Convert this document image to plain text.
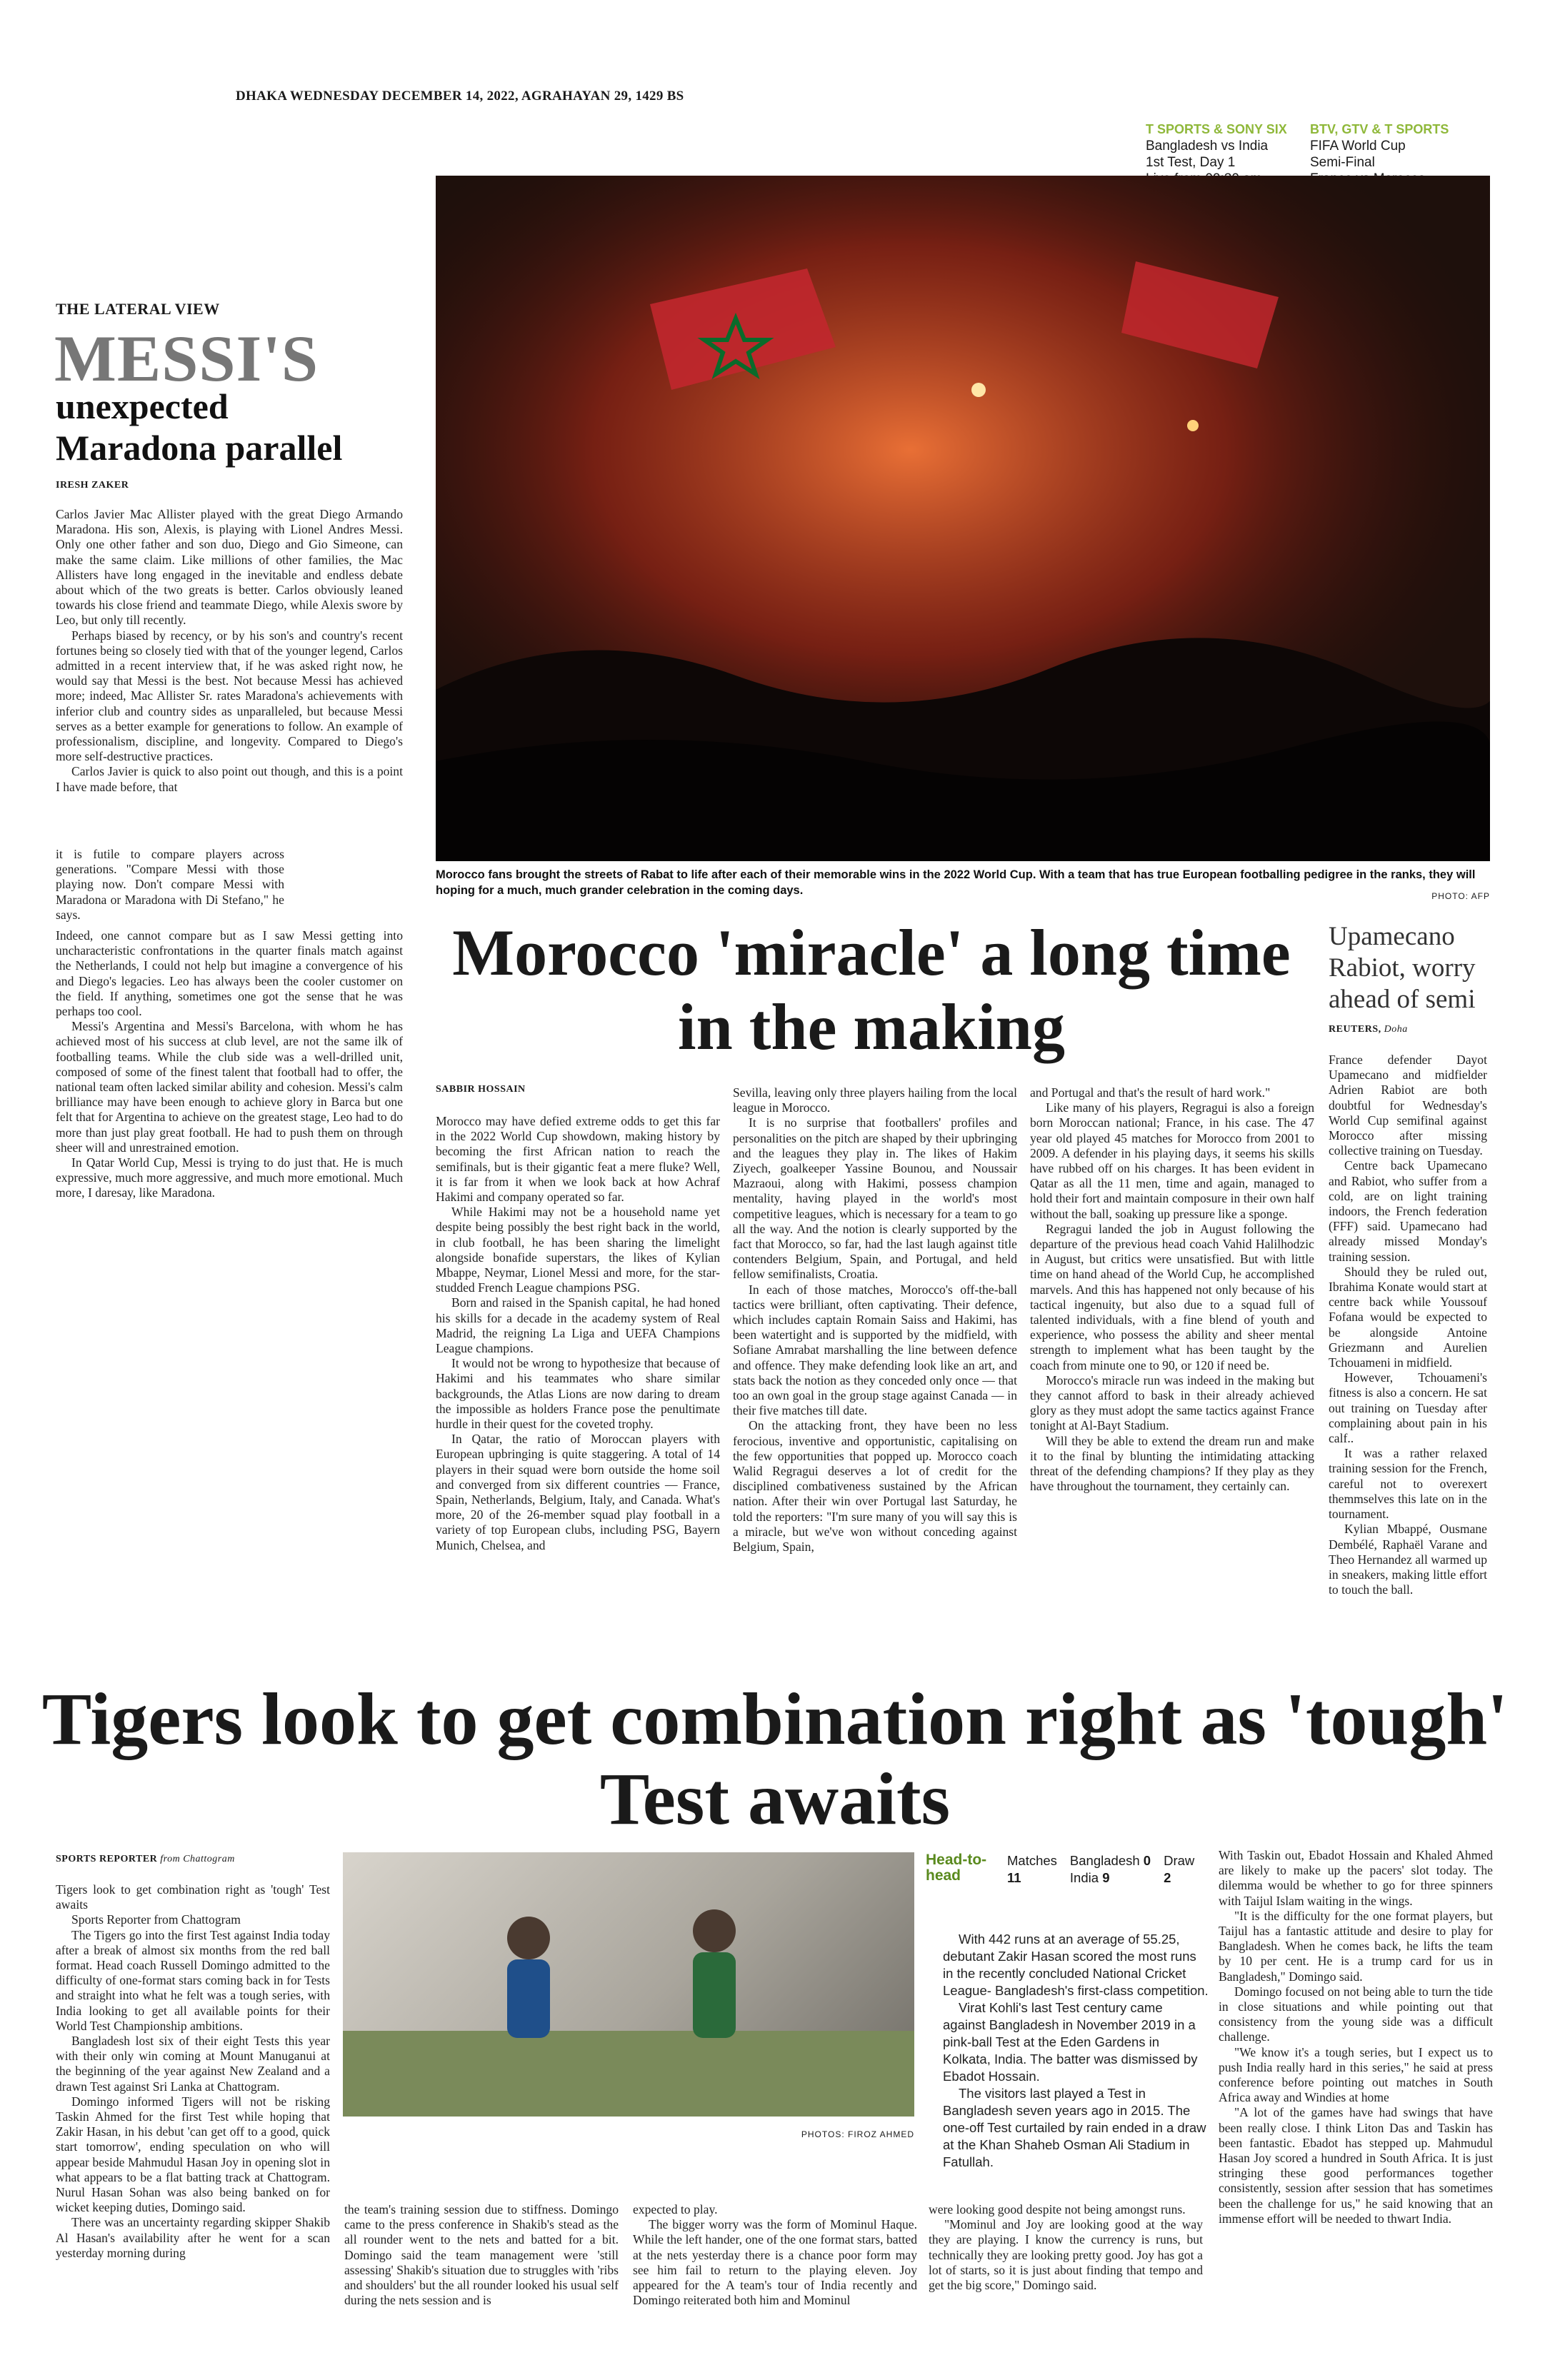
DHAKA WEDNESDAY DECEMBER 14, 2022, AGRAHAYAN 29, 1429 BS
T SPORTS & SONY SIX
Bangladesh vs India
1st Test, Day 1
BTV, GTV & T SPORTS
FIFA World Cup
Semi-Final
THE LATERAL VIEW
MESSI'S
unexpected
Maradona parallel
IRESH ZAKER

Carlos Javier Mac Allister played with the great Diego Armando Maradona. His son, Alexis, is playing with Lionel Andres Messi. Only one other father and son duo, Diego and Gio Simeone, can make the same claim. Like millions of other families, the Mac Allisters have long engaged in the inevitable and endless debate about which of the two greats is better. Carlos obviously leaned towards his close friend and teammate Diego, while Alexis swore by Leo, but only till recently.

Perhaps biased by recency, or by his son's and country's recent fortunes being so closely tied with that of the younger legend, Carlos admitted in a recent interview that, if he was asked right now, he would say that Messi is the best. Not because Messi has achieved more; indeed, Mac Allister Sr. rates Maradona's achievements with inferior club and country sides as unparalleled, but because Messi serves as a better example for generations to follow. An example of professionalism, discipline, and longevity. Compared to Diego's more self-destructive practices.

Carlos Javier is quick to also point out though, and this is a point I have made before, that

it is futile to compare players across generations. "Compare Messi with those playing now. Don't compare Messi with Maradona or Maradona with Di Stefano," he says.

Indeed, one cannot compare but as I saw Messi getting into uncharacteristic confrontations in the quarter finals match against the Netherlands, I could not help but imagine a convergence of his and Diego's legacies. Leo has always been the cooler customer on the field. If anything, sometimes one got the sense that he was perhaps too cool.

Messi's Argentina and Messi's Barcelona, with whom he has achieved most of his success at club level, are not the same ilk of footballing teams. While the club side was a well-drilled unit, composed of some of the finest talent that football had to offer, the national team often lacked similar ability and cohesion. Messi's calm brilliance may have been enough to achieve glory in Barca but one felt that for Argentina to achieve on the greatest stage, Leo had to do more than just play great football. He had to push them on through sheer will and unrestrained emotion.

In Qatar World Cup, Messi is trying to do just that. He is much expressive, much more aggressive, and much more emotional. Much more, I daresay, like Maradona.

Morocco fans brought the streets of Rabat to life after each of their memorable wins in the 2022 World Cup. With a team that has true European footballing pedigree in the ranks, they will hoping for a much, much grander celebration in the coming days.	PHOTO: AFP
Morocco 'miracle' a long time in the making
SABBIR HOSSAIN

Morocco may have defied extreme odds to get this far in the 2022 World Cup showdown, making history by becoming the first African nation to reach the semifinals, but is their gigantic feat a mere fluke? Well, it is far from it when we look back at how Achraf Hakimi and company operated so far.

While Hakimi may not be a household name yet despite being possibly the best right back in the world, in club football, he has been sharing the limelight alongside bonafide superstars, the likes of Kylian Mbappe, Neymar, Lionel Messi and more, for the star-studded French League champions PSG.

Born and raised in the Spanish capital, he had honed his skills for a decade in the academy system of Real Madrid, the reigning La Liga and UEFA Champions League champions.

It would not be wrong to hypothesize that because of Hakimi and his teammates who share similar backgrounds, the Atlas Lions are now daring to dream the impossible as holders France pose the penultimate hurdle in their quest for the coveted trophy.

In Qatar, the ratio of Moroccan players with European upbringing is quite staggering. A total of 14 players in their squad were born outside the home soil and converged from six different countries — France, Spain, Netherlands, Belgium, Italy, and Canada. What's more, 20 of the 26-member squad play football in a variety of top European clubs, including PSG, Bayern Munich, Chelsea, and

Sevilla, leaving only three players hailing from the local league in Morocco.

It is no surprise that footballers' profiles and personalities on the pitch are shaped by their upbringing and the leagues they play in. The likes of Hakim Ziyech, goalkeeper Yassine Bounou, and Noussair Mazraoui, along with Hakimi, possess champion mentality, having played in the world's most competitive leagues, which is necessary for a team to go all the way. And the notion is clearly supported by the fact that Morocco, so far, had the last laugh against title contenders Belgium, Spain, and Portugal, and held fellow semifinalists, Croatia.

In each of those matches, Morocco's off-the-ball tactics were brilliant, often captivating. Their defence, which includes captain Romain Saiss and Hakimi, has been watertight and is supported by the midfield, with Sofiane Amrabat marshalling the line between defence and offence. They make defending look like an art, and stats back the notion as they conceded only once — that too an own goal in the group stage against Canada — in their five matches till date.

On the attacking front, they have been no less ferocious, inventive and opportunistic, capitalising on the few opportunities that popped up. Morocco coach Walid Regragui deserves a lot of credit for the disciplined combativeness sustained by the African nation. After their win over Portugal last Saturday, he told the reporters: "I'm sure many of you will say this is a miracle, but we've won without conceding against Belgium, Spain,

and Portugal and that's the result of hard work."

Like many of his players, Regragui is also a foreign born Moroccan national; France, in his case. The 47 year old played 45 matches for Morocco from 2001 to 2009. A defender in his playing days, it seems his skills have rubbed off on his charges. It has been evident in Qatar as all the 11 men, time and again, managed to hold their fort and maintain composure in their own half without the ball, soaking up pressure like a sponge.

Regragui landed the job in August following the departure of the previous head coach Vahid Halilhodzic in August, but critics were unsatisfied. But with little time on hand ahead of the World Cup, he accomplished marvels. And this has happened not only because of his tactical ingenuity, but also due to a squad full of talented individuals, with a fine blend of youth and experience, who possess the ability and sheer mental strength to implement what has been taught by the coach from minute one to 90, or 120 if need be.

Morocco's miracle run was indeed in the making but they cannot afford to bask in their already achieved glory as they must adopt the same tactics against France tonight at Al-Bayt Stadium.

Will they be able to extend the dream run and make it to the final by blunting the intimidating attacking threat of the defending champions? If they play as they have throughout the tournament, they certainly can.

Upamecano Rabiot, worry ahead of semi
REUTERS, Doha

France defender Dayot Upamecano and midfielder Adrien Rabiot are both doubtful for Wednesday's World Cup semifinal against Morocco after missing collective training on Tuesday.

Centre back Upamecano and Rabiot, who suffer from a cold, are on light training indoors, the French federation (FFF) said. Upamecano had already missed Monday's training session.

Should they be ruled out, Ibrahima Konate would start at centre back while Youssouf Fofana would be expected to be alongside Antoine Griezmann and Aurelien Tchouameni in midfield.

However, Tchouameni's fitness is also a concern. He sat out training on Tuesday after complaining about pain in his calf..

It was a rather relaxed training session for the French, careful not to overexert themmselves this late on in the tournament.

Kylian Mbappé, Ousmane Dembélé, Raphaël Varane and Theo Hernandez all warmed up in sneakers, making little effort to touch the ball.

Tigers look to get combination right as 'tough' Test awaits
Head-to-head
Matches
11
Bangladesh 0
India 9
Draw
2

With 442 runs at an average of 55.25, debutant Zakir Hasan scored the most runs in the recently concluded National Cricket League- Bangladesh's first-class competition.

Virat Kohli's last Test century came against Bangladesh in November 2019 in a pink-ball Test at the Eden Gardens in Kolkata, India. The batter was dismissed by Ebadot Hossain.

The visitors last played a Test in Bangladesh seven years ago in 2015. The one-off Test curtailed by rain ended in a draw at the Khan Shaheb Osman Ali Stadium in Fatullah.

PHOTOS: FIROZ AHMED
SPORTS REPORTER from Chattogram

Tigers look to get combination right as 'tough' Test awaits

Sports Reporter from Chattogram

The Tigers go into the first Test against India today after a break of almost six months from the red ball format. Head coach Russell Domingo admitted to the difficulty of one-format stars coming back in for Tests and straight into what he felt was a tough series, with India looking to get all available points for their World Test Championship ambitions.

Bangladesh lost six of their eight Tests this year with their only win coming at Mount Manuganui at the beginning of the year against New Zealand and a drawn Test against Sri Lanka at Chattogram.

Domingo informed Tigers will not be risking Taskin Ahmed for the first Test while hoping that Zakir Hasan, in his debut 'can get off to a good, quick start tomorrow', ending speculation on who will appear beside Mahmudul Hasan Joy in opening slot in what appears to be a flat batting track at Chattogram. Nurul Hasan Sohan was also being banked on for wicket keeping duties, Domingo said.

There was an uncertainty regarding skipper Shakib Al Hasan's availability after he went for a scan yesterday morning during

the team's training session due to stiffness. Domingo came to the press conference in Shakib's stead as the all rounder went to the nets and batted for a bit. Domingo said the team management were 'still assessing' Shakib's situation due to struggles with 'ribs and shoulders' but the all rounder looked his usual self during the nets session and is

expected to play.

The bigger worry was the form of Mominul Haque. While the left hander, one of the one format stars, batted at the nets yesterday there is a chance poor form may see him fail to return to the playing eleven. Joy appeared for the A team's tour of India recently and Domingo reiterated both him and Mominul

were looking good despite not being amongst runs.

"Mominul and Joy are looking good at the way they are playing. I know the currency is runs, but technically they are looking pretty good. Joy has got a lot of starts, so it is just about finding that tempo and get the big score," Domingo said.

With Taskin out, Ebadot Hossain and Khaled Ahmed are likely to make up the pacers' slot today. The dilemma would be whether to go for three spinners with Taijul Islam waiting in the wings.

"It is the difficulty for the one format players, but Taijul has a fantastic attitude and desire to play for Bangladesh. When he comes back, he lifts the team by 10 per cent. He is a trump card for us in Bangladesh," Domingo said.

Domingo focused on not being able to turn the tide in close situations and while pointing out that consistency from the young side was a difficult challenge.

"We know it's a tough series, but I expect us to push India really hard in this series," he said at press conference before pointing out matches in South Africa away and Windies at home

"A lot of the games have had swings that have been really close. I think Liton Das and Taskin has been fantastic. Ebadot has stepped up. Mahmudul Hasan Joy scored a hundred in South Africa. It is just stringing these good performances together consistently, session after session that has sometimes been the challenge for us," he said knowing that an immense effort will be needed to thwart India.
